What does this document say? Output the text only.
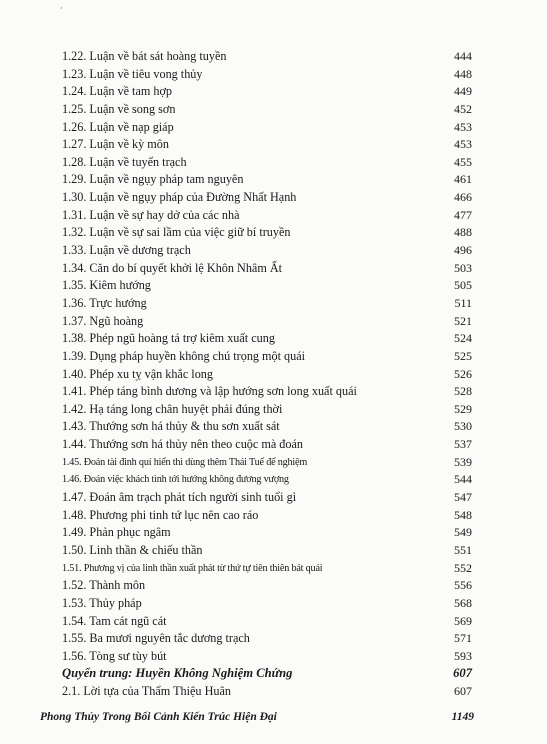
·
1.22. Luận về bát sát hoàng tuyền	444
1.23. Luận về tiêu vong thủy	448
1.24. Luận về tam hợp	449
1.25. Luận về song sơn	452
1.26. Luận về nạp giáp	453
1.27. Luận về kỳ môn	453
1.28. Luận về tuyển trạch	455
1.29. Luận về ngụy pháp tam nguyên	461
1.30. Luận về ngụy pháp của Đường Nhất Hạnh	466
1.31. Luận về sự hay dở của các nhà	477
1.32. Luận về sự sai lầm của việc giữ bí truyền	488
1.33. Luận về dương trạch	496
1.34. Căn do bí quyết khởi lệ Khôn Nhâm Ất	503
1.35. Kiêm hướng	505
1.36. Trực hướng	511
1.37. Ngũ hoàng	521
1.38. Phép ngũ hoàng tá trợ kiêm xuất cung	524
1.39. Dụng pháp huyền không chú trọng một quái	525
1.40. Phép xu tỵ vận khắc long	526
1.41. Phép táng bình dương và lập hướng sơn long xuất quái	528
1.42. Hạ táng long chân huyệt phải đúng thời	529
1.43. Thướng sơn há thủy & thu sơn xuất sát	530
1.44. Thướng sơn há thủy nên theo cuộc mà đoán	537
1.45. Đoán tài đinh quí hiển thì dùng thêm Thái Tuế để nghiệm	539
1.46. Đoán việc khách tình tới hướng không đương vượng	544
1.47. Đoán âm trạch phát tích người sinh tuổi gì	547
1.48. Phương phi tinh tứ lục nên cao ráo	548
1.49. Phản phục ngâm	549
1.50. Linh thần & chiếu thần	551
1.51. Phương vị của linh thần xuất phát từ thứ tự tiên thiên bát quái	552
1.52. Thành môn	556
1.53. Thủy pháp	568
1.54. Tam cát ngũ cát	569
1.55. Ba mươi nguyên tắc dương trạch	571
1.56. Tòng sư tùy bút	593
Quyển trung: Huyền Không Nghiệm Chứng	607
2.1. Lời tựa của Thẩm Thiệu Huân	607
Phong Thủy Trong Bối Cảnh Kiến Trúc Hiện Đại	1149
